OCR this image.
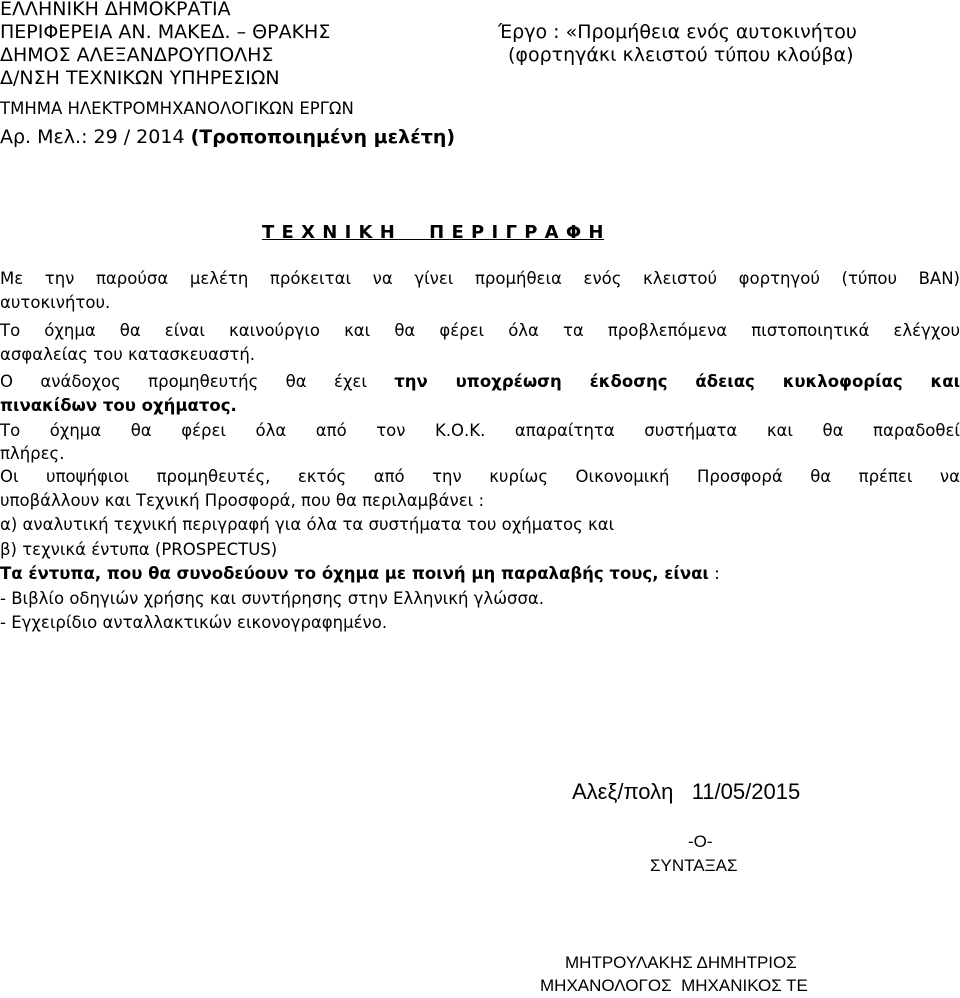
ΕΛΛΗΝΙΚΗ ΔΗΜΟΚΡΑΤΙΑ
ΠΕΡΙΦΕΡΕΙΑ ΑΝ. ΜΑΚΕΔ. – ΘΡΑΚΗΣ
ΔΗΜΟΣ ΑΛΕΞΑΝΔΡΟΥΠΟΛΗΣ
Δ/ΝΣΗ ΤΕΧΝΙΚΩΝ ΥΠΗΡΕΣΙΩΝ
ΤΜΗΜΑ ΗΛΕΚΤΡΟΜΗΧΑΝΟΛΟΓΙΚΩΝ ΕΡΓΩΝ
Αρ. Μελ.: 29 / 2014 (Τροποποιημένη μελέτη)
Έργο : «Προμήθεια ενός αυτοκινήτου
(φορτηγάκι κλειστού τύπου κλούβα)
Τ Ε Χ Ν Ι Κ Η     Π Ε Ρ Ι Γ Ρ Α Φ Η
Με την παρούσα μελέτη πρόκειται να γίνει προμήθεια ενός κλειστού φορτηγού (τύπου ΒΑΝ)
αυτοκινήτου.
Το όχημα θα είναι καινούργιο και θα φέρει όλα τα προβλεπόμενα πιστοποιητικά ελέγχου
ασφαλείας του κατασκευαστή.
Ο ανάδοχος προμηθευτής θα έχει την υποχρέωση έκδοσης άδειας κυκλοφορίας και
πινακίδων του οχήματος.
Το όχημα θα φέρει όλα από τον Κ.Ο.Κ. απαραίτητα συστήματα και θα παραδοθεί
πλήρες.
Οι υποψήφιοι προμηθευτές, εκτός από την κυρίως Οικονομική Προσφορά θα πρέπει να
υποβάλλουν και Τεχνική Προσφορά, που θα περιλαμβάνει :
α) αναλυτική τεχνική περιγραφή για όλα τα συστήματα του οχήματος και
β) τεχνικά έντυπα (PROSPECTUS)
Τα έντυπα, που θα συνοδεύουν το όχημα με ποινή μη παραλαβής τους, είναι :
- Βιβλίο οδηγιών χρήσης και συντήρησης στην Ελληνική γλώσσα.
- Εγχειρίδιο ανταλλακτικών εικονογραφημένο.
Αλεξ/πολη   11/05/2015
-Ο-
ΣΥΝΤΑΞΑΣ
ΜΗΤΡΟΥΛΑΚΗΣ ΔΗΜΗΤΡΙΟΣ
ΜΗΧΑΝΟΛΟΓΟΣ  ΜΗΧΑΝΙΚΟΣ ΤΕ
